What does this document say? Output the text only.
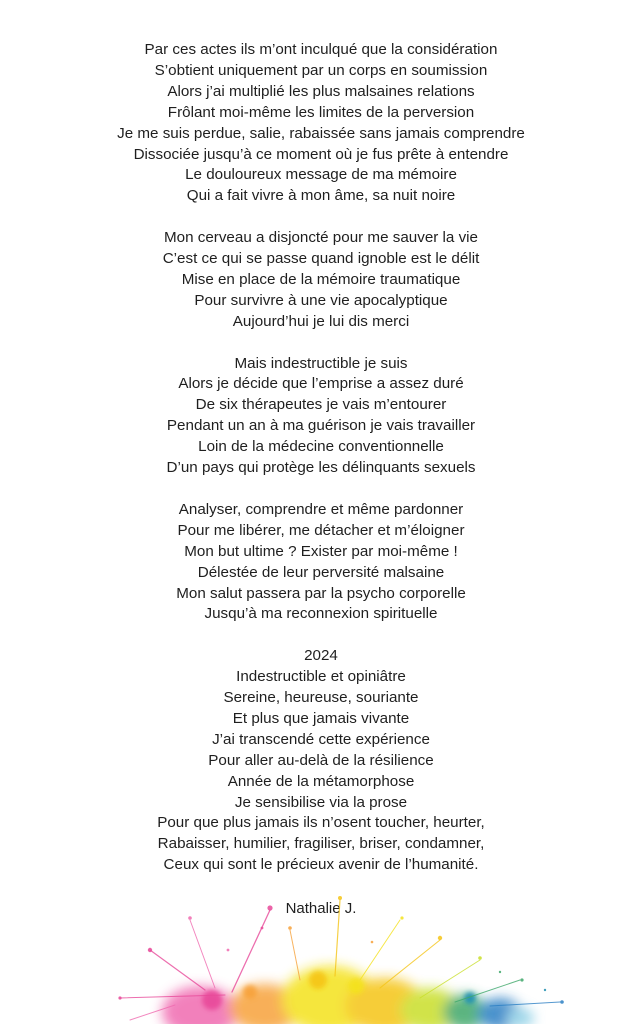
Par ces actes ils m’ont inculqué que la considération
S’obtient uniquement par un corps en soumission
Alors j’ai multiplié les plus malsaines relations
Frôlant moi-même les limites de la perversion
Je me suis perdue, salie, rabaissée sans jamais comprendre
Dissociée jusqu’à ce moment où je fus prête à entendre
Le douloureux message de ma mémoire
Qui a fait vivre à mon âme, sa nuit noire
Mon cerveau a disjoncté pour me sauver la vie
C’est ce qui se passe quand ignoble est le délit
Mise en place de la mémoire traumatique
Pour survivre à une vie apocalyptique
Aujourd’hui je lui dis merci
Mais indestructible je suis
Alors je décide que l’emprise a assez duré
De six thérapeutes je vais m’entourer
Pendant un an à ma guérison je vais travailler
Loin de la médecine conventionnelle
D’un pays qui protège les délinquants sexuels
Analyser, comprendre et même pardonner
Pour me libérer, me détacher et m’éloigner
Mon but ultime ? Exister par moi-même !
Délestée de leur perversité malsaine
Mon salut passera par la psycho corporelle
Jusqu’à ma reconnexion spirituelle
2024
Indestructible et opiniâtre
Sereine, heureuse, souriante
Et plus que jamais vivante
J’ai transcendé cette expérience
Pour aller au-delà de la résilience
Année de la métamorphose
Je sensibilise via la prose
Pour que plus jamais ils n’osent toucher, heurter,
Rabaisser, humilier, fragiliser, briser, condamner,
Ceux qui sont le précieux avenir de l’humanité.
Nathalie J.
